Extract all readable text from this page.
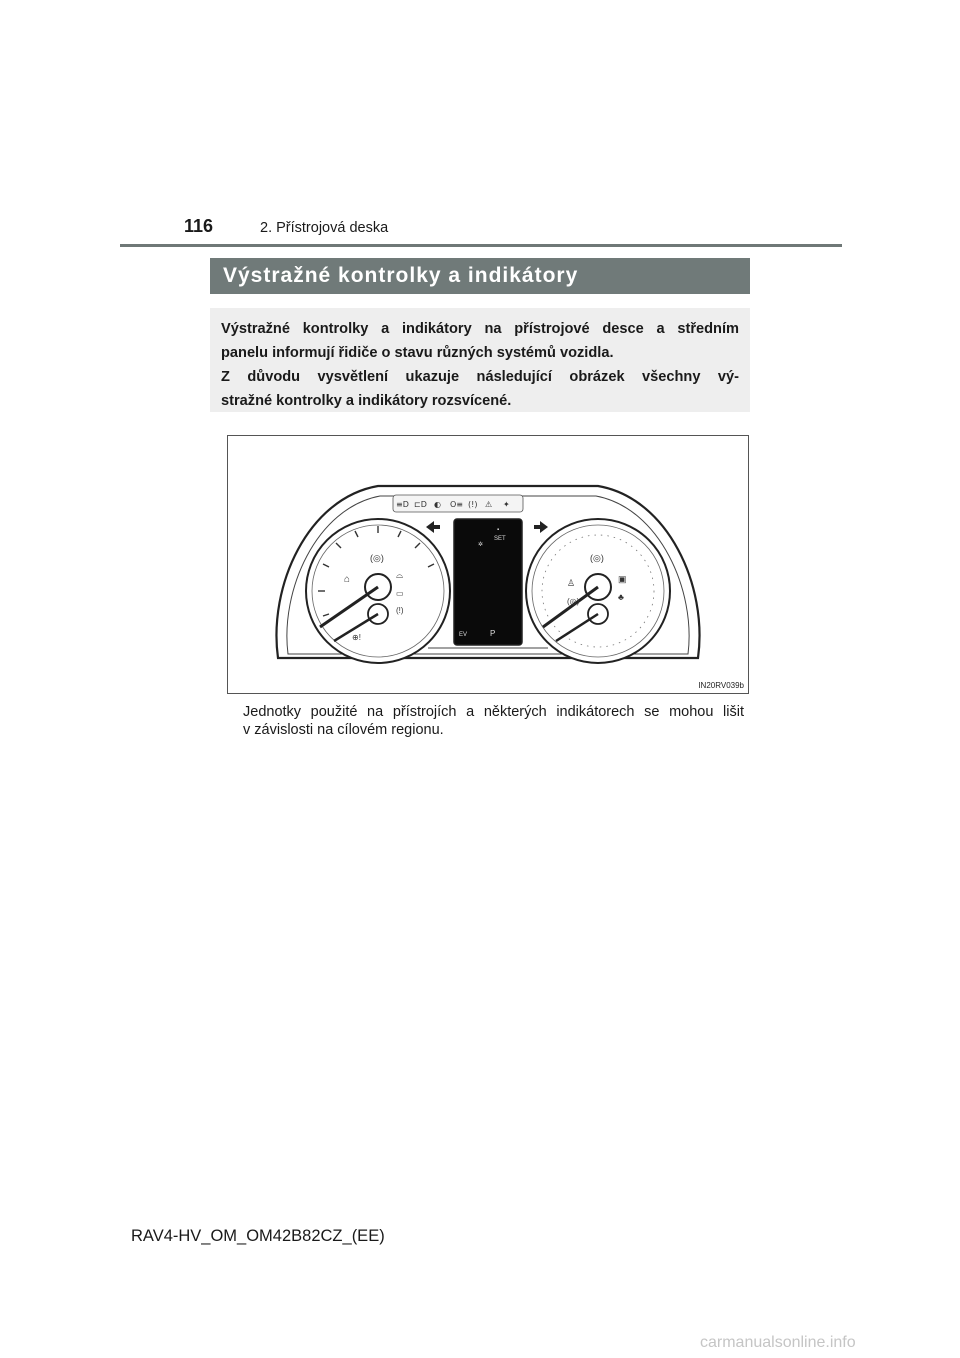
116	2. Přístrojová deska
Výstražné kontrolky a indikátory

Výstražné kontrolky a indikátory na přístrojové desce a středním

panelu informují řidiče o stavu různých systémů vozidla.

Z důvodu vysvětlení ukazuje následující obrázek všechny vý-

stražné kontrolky a indikátory rozsvícené.

≡D ⊏D ◐ O≡ (!) ⚠ ✦
(◎)
⌂	⌓
▭
(!)
⊕!
▪
SET
✲
EV	P
(◎)
♙
(◎)
▣
♣
IN20RV039b

Jednotky použité na přístrojích a některých indikátorech se mohou lišit

v závislosti na cílovém regionu.

RAV4-HV_OM_OM42B82CZ_(EE)
carmanualsonline.info
